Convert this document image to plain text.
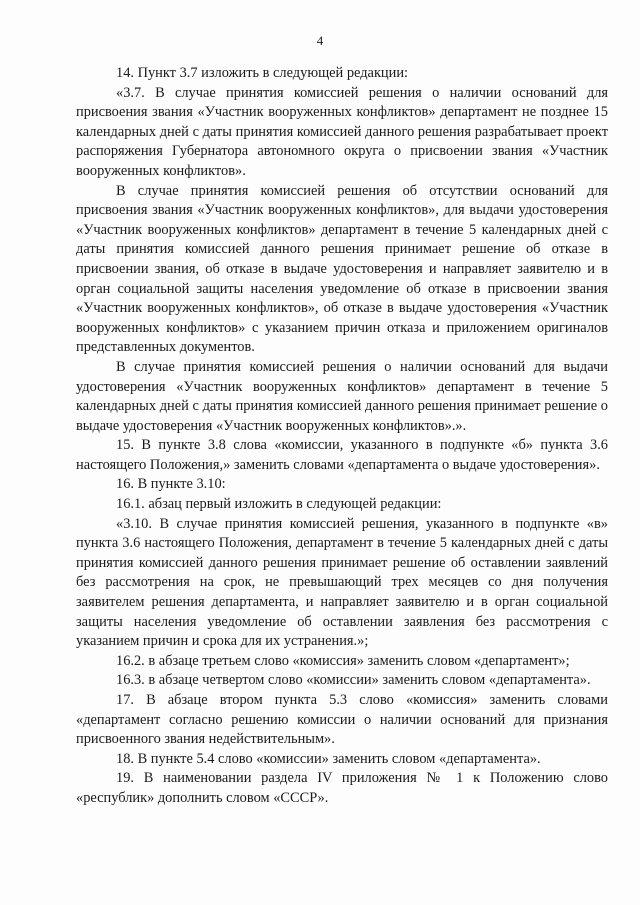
4

14. Пункт 3.7 изложить в следующей редакции:

«3.7. В случае принятия комиссией решения о наличии оснований для присвоения звания «Участник вооруженных конфликтов» департамент не позднее 15 календарных дней с даты принятия комиссией данного решения разрабатывает проект распоряжения Губернатора автономного округа о присвоении звания «Участник вооруженных конфликтов».

В случае принятия комиссией решения об отсутствии оснований для присвоения звания «Участник вооруженных конфликтов», для выдачи удостоверения «Участник вооруженных конфликтов» департамент в течение 5 календарных дней с даты принятия комиссией данного решения принимает решение об отказе в присвоении звания, об отказе в выдаче удостоверения и направляет заявителю и в орган социальной защиты населения уведомление об отказе в присвоении звания «Участник вооруженных конфликтов», об отказе в выдаче удостоверения «Участник вооруженных конфликтов» с указанием причин отказа и приложением оригиналов представленных документов.

В случае принятия комиссией решения о наличии оснований для выдачи удостоверения «Участник вооруженных конфликтов» департамент в течение 5 календарных дней с даты принятия комиссией данного решения принимает решение о выдаче удостоверения «Участник вооруженных конфликтов».».

15. В пункте 3.8 слова «комиссии, указанного в подпункте «б» пункта 3.6 настоящего Положения,» заменить словами «департамента о выдаче удостоверения».

16. В пункте 3.10:

16.1. абзац первый изложить в следующей редакции:

«3.10. В случае принятия комиссией решения, указанного в подпункте «в» пункта 3.6 настоящего Положения, департамент в течение 5 календарных дней с даты принятия комиссией данного решения принимает решение об оставлении заявлений без рассмотрения на срок, не превышающий трех месяцев со дня получения заявителем решения департамента, и направляет заявителю и в орган социальной защиты населения уведомление об оставлении заявления без рассмотрения с указанием причин и срока для их устранения.»;

16.2. в абзаце третьем слово «комиссия» заменить словом «департамент»;

16.3. в абзаце четвертом слово «комиссии» заменить словом «департамента».

17. В абзаце втором пункта 5.3 слово «комиссия» заменить словами «департамент согласно решению комиссии о наличии оснований для признания присвоенного звания недействительным».

18. В пункте 5.4 слово «комиссии» заменить словом «департамента».

19. В наименовании раздела IV приложения № 1 к Положению слово «республик» дополнить словом «СССР».
